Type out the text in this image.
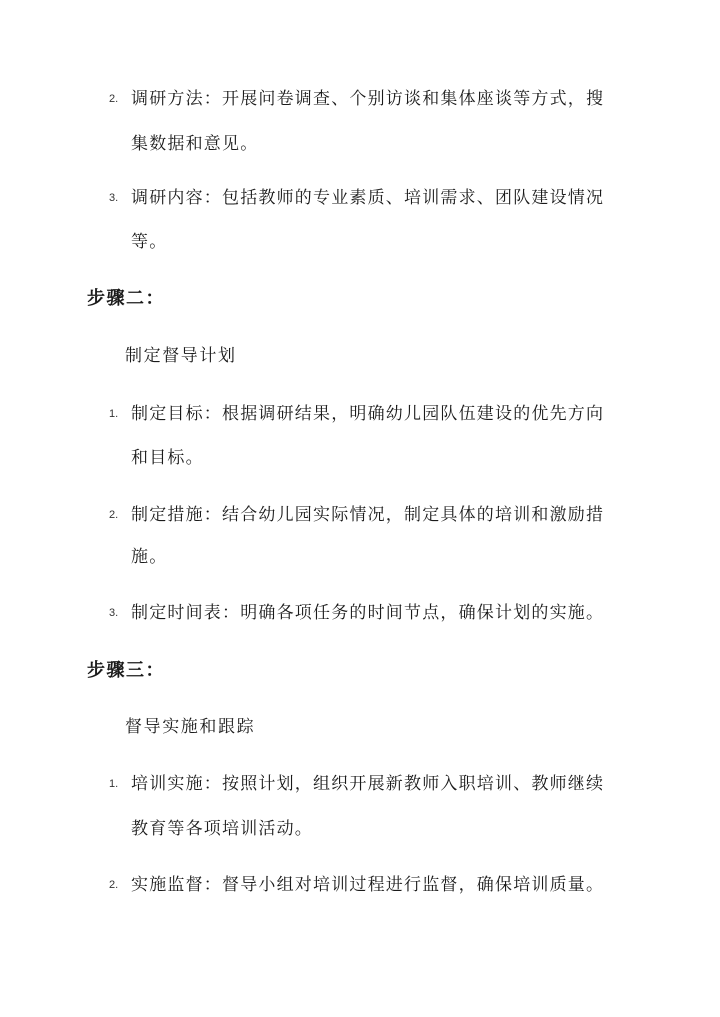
2. 调研方法：开展问卷调查、个别访谈和集体座谈等方式，搜
集数据和意见。
3. 调研内容：包括教师的专业素质、培训需求、团队建设情况
等。
步骤二：
制定督导计划
1. 制定目标：根据调研结果，明确幼儿园队伍建设的优先方向
和目标。
2. 制定措施：结合幼儿园实际情况，制定具体的培训和激励措
施。
3. 制定时间表：明确各项任务的时间节点，确保计划的实施。
步骤三：
督导实施和跟踪
1. 培训实施：按照计划，组织开展新教师入职培训、教师继续
教育等各项培训活动。
2. 实施监督：督导小组对培训过程进行监督，确保培训质量。
